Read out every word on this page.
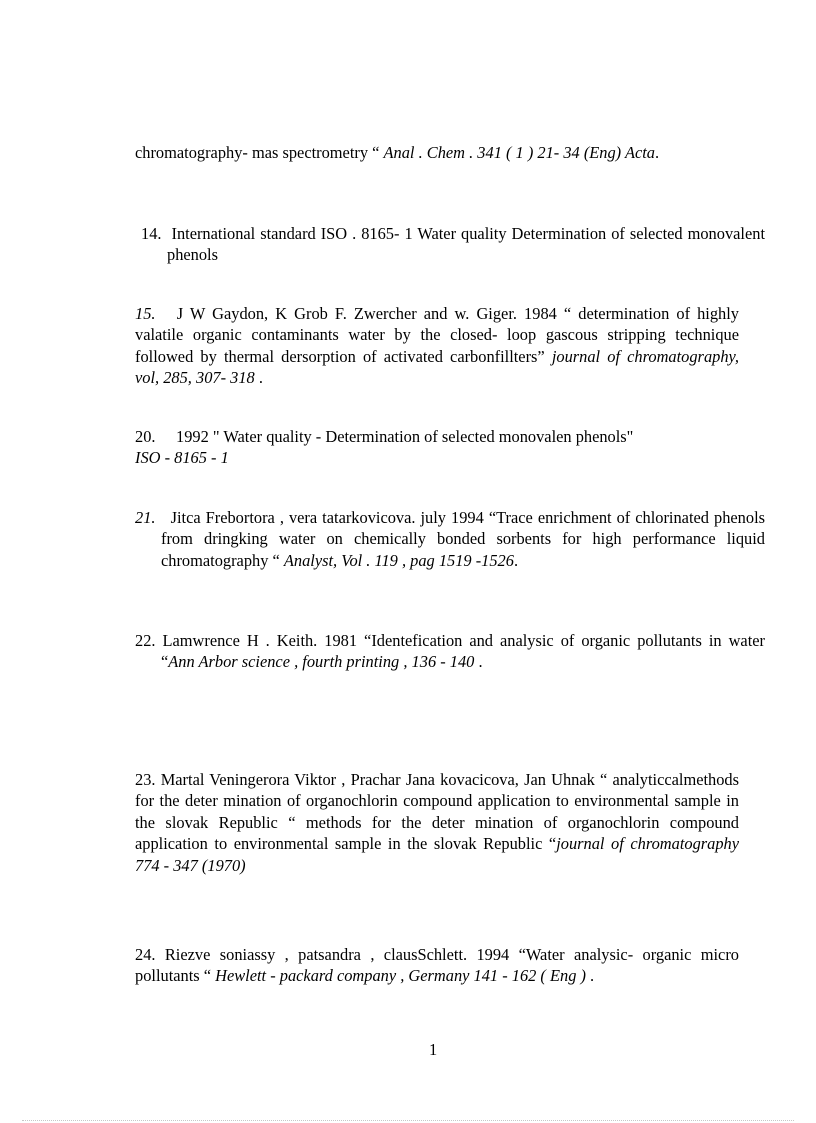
chromatography- mas spectrometry “ Anal . Chem . 341 ( 1 ) 21- 34 (Eng) Acta.

14. International standard ISO . 8165- 1 Water quality Determination of selected monovalent phenols

15. J W Gaydon, K Grob F. Zwercher and w. Giger. 1984 “ determination of highly valatile organic contaminants water by the closed- loop gascous stripping technique followed by thermal dersorption of activated carbonfillters” journal of chromatography, vol, 285, 307- 318 .

20. 1992 " Water quality - Determination of selected monovalen phenols"
ISO - 8165 - 1

21. Jitca Frebortora , vera tatarkovicova. july 1994 “Trace enrichment of chlorinated phenols from dringking water on chemically bonded sorbents for high performance liquid chromatography “ Analyst, Vol . 119 , pag 1519 -1526.

22. Lamwrence H . Keith. 1981 “Identefication and analysic of organic pollutants in water “Ann Arbor science , fourth printing , 136 - 140 .

23. Martal Veningerora Viktor , Prachar Jana kovacicova, Jan Uhnak “ analyticcalmethods for the deter mination of organochlorin compound application to environmental sample in the slovak Republic “ methods for the deter mination of organochlorin compound application to environmental sample in the slovak Republic “journal of chromatography 774 - 347 (1970)

24. Riezve soniassy , patsandra , clausSchlett. 1994 “Water analysic- organic micro pollutants “ Hewlett - packard company , Germany 141 - 162 ( Eng ) .

1
